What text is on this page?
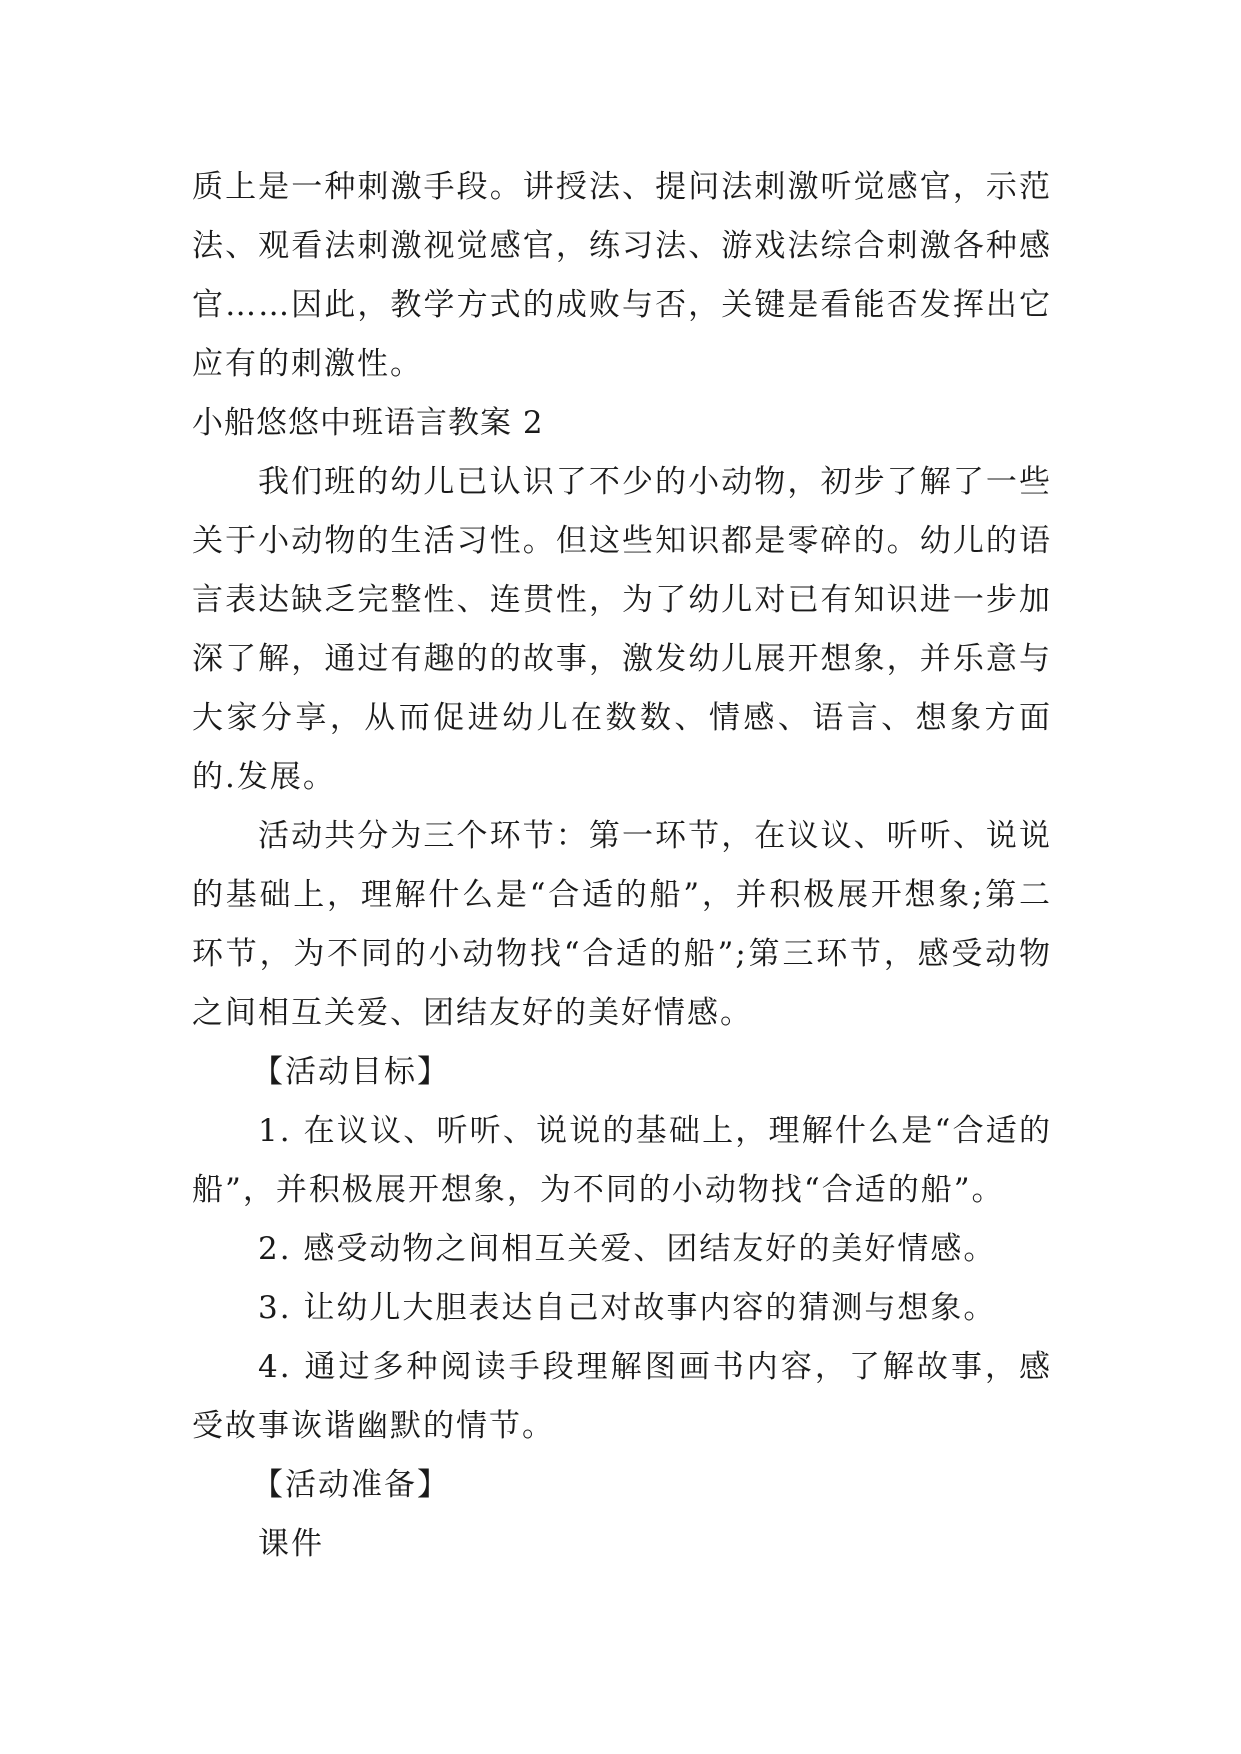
质上是一种刺激手段。讲授法、提问法刺激听觉感官，示范法、观看法刺激视觉感官，练习法、游戏法综合刺激各种感官……因此，教学方式的成败与否，关键是看能否发挥出它应有的刺激性。

小船悠悠中班语言教案 2

我们班的幼儿已认识了不少的小动物，初步了解了一些关于小动物的生活习性。但这些知识都是零碎的。幼儿的语言表达缺乏完整性、连贯性，为了幼儿对已有知识进一步加深了解，通过有趣的的故事，激发幼儿展开想象，并乐意与大家分享，从而促进幼儿在数数、情感、语言、想象方面的.发展。

活动共分为三个环节：第一环节，在议议、听听、说说的基础上，理解什么是“合适的船”，并积极展开想象;第二环节，为不同的小动物找“合适的船”;第三环节，感受动物之间相互关爱、团结友好的美好情感。

【活动目标】

1. 在议议、听听、说说的基础上，理解什么是“合适的船”，并积极展开想象，为不同的小动物找“合适的船”。

2. 感受动物之间相互关爱、团结友好的美好情感。

3. 让幼儿大胆表达自己对故事内容的猜测与想象。

4. 通过多种阅读手段理解图画书内容，了解故事，感受故事诙谐幽默的情节。

【活动准备】

课件
